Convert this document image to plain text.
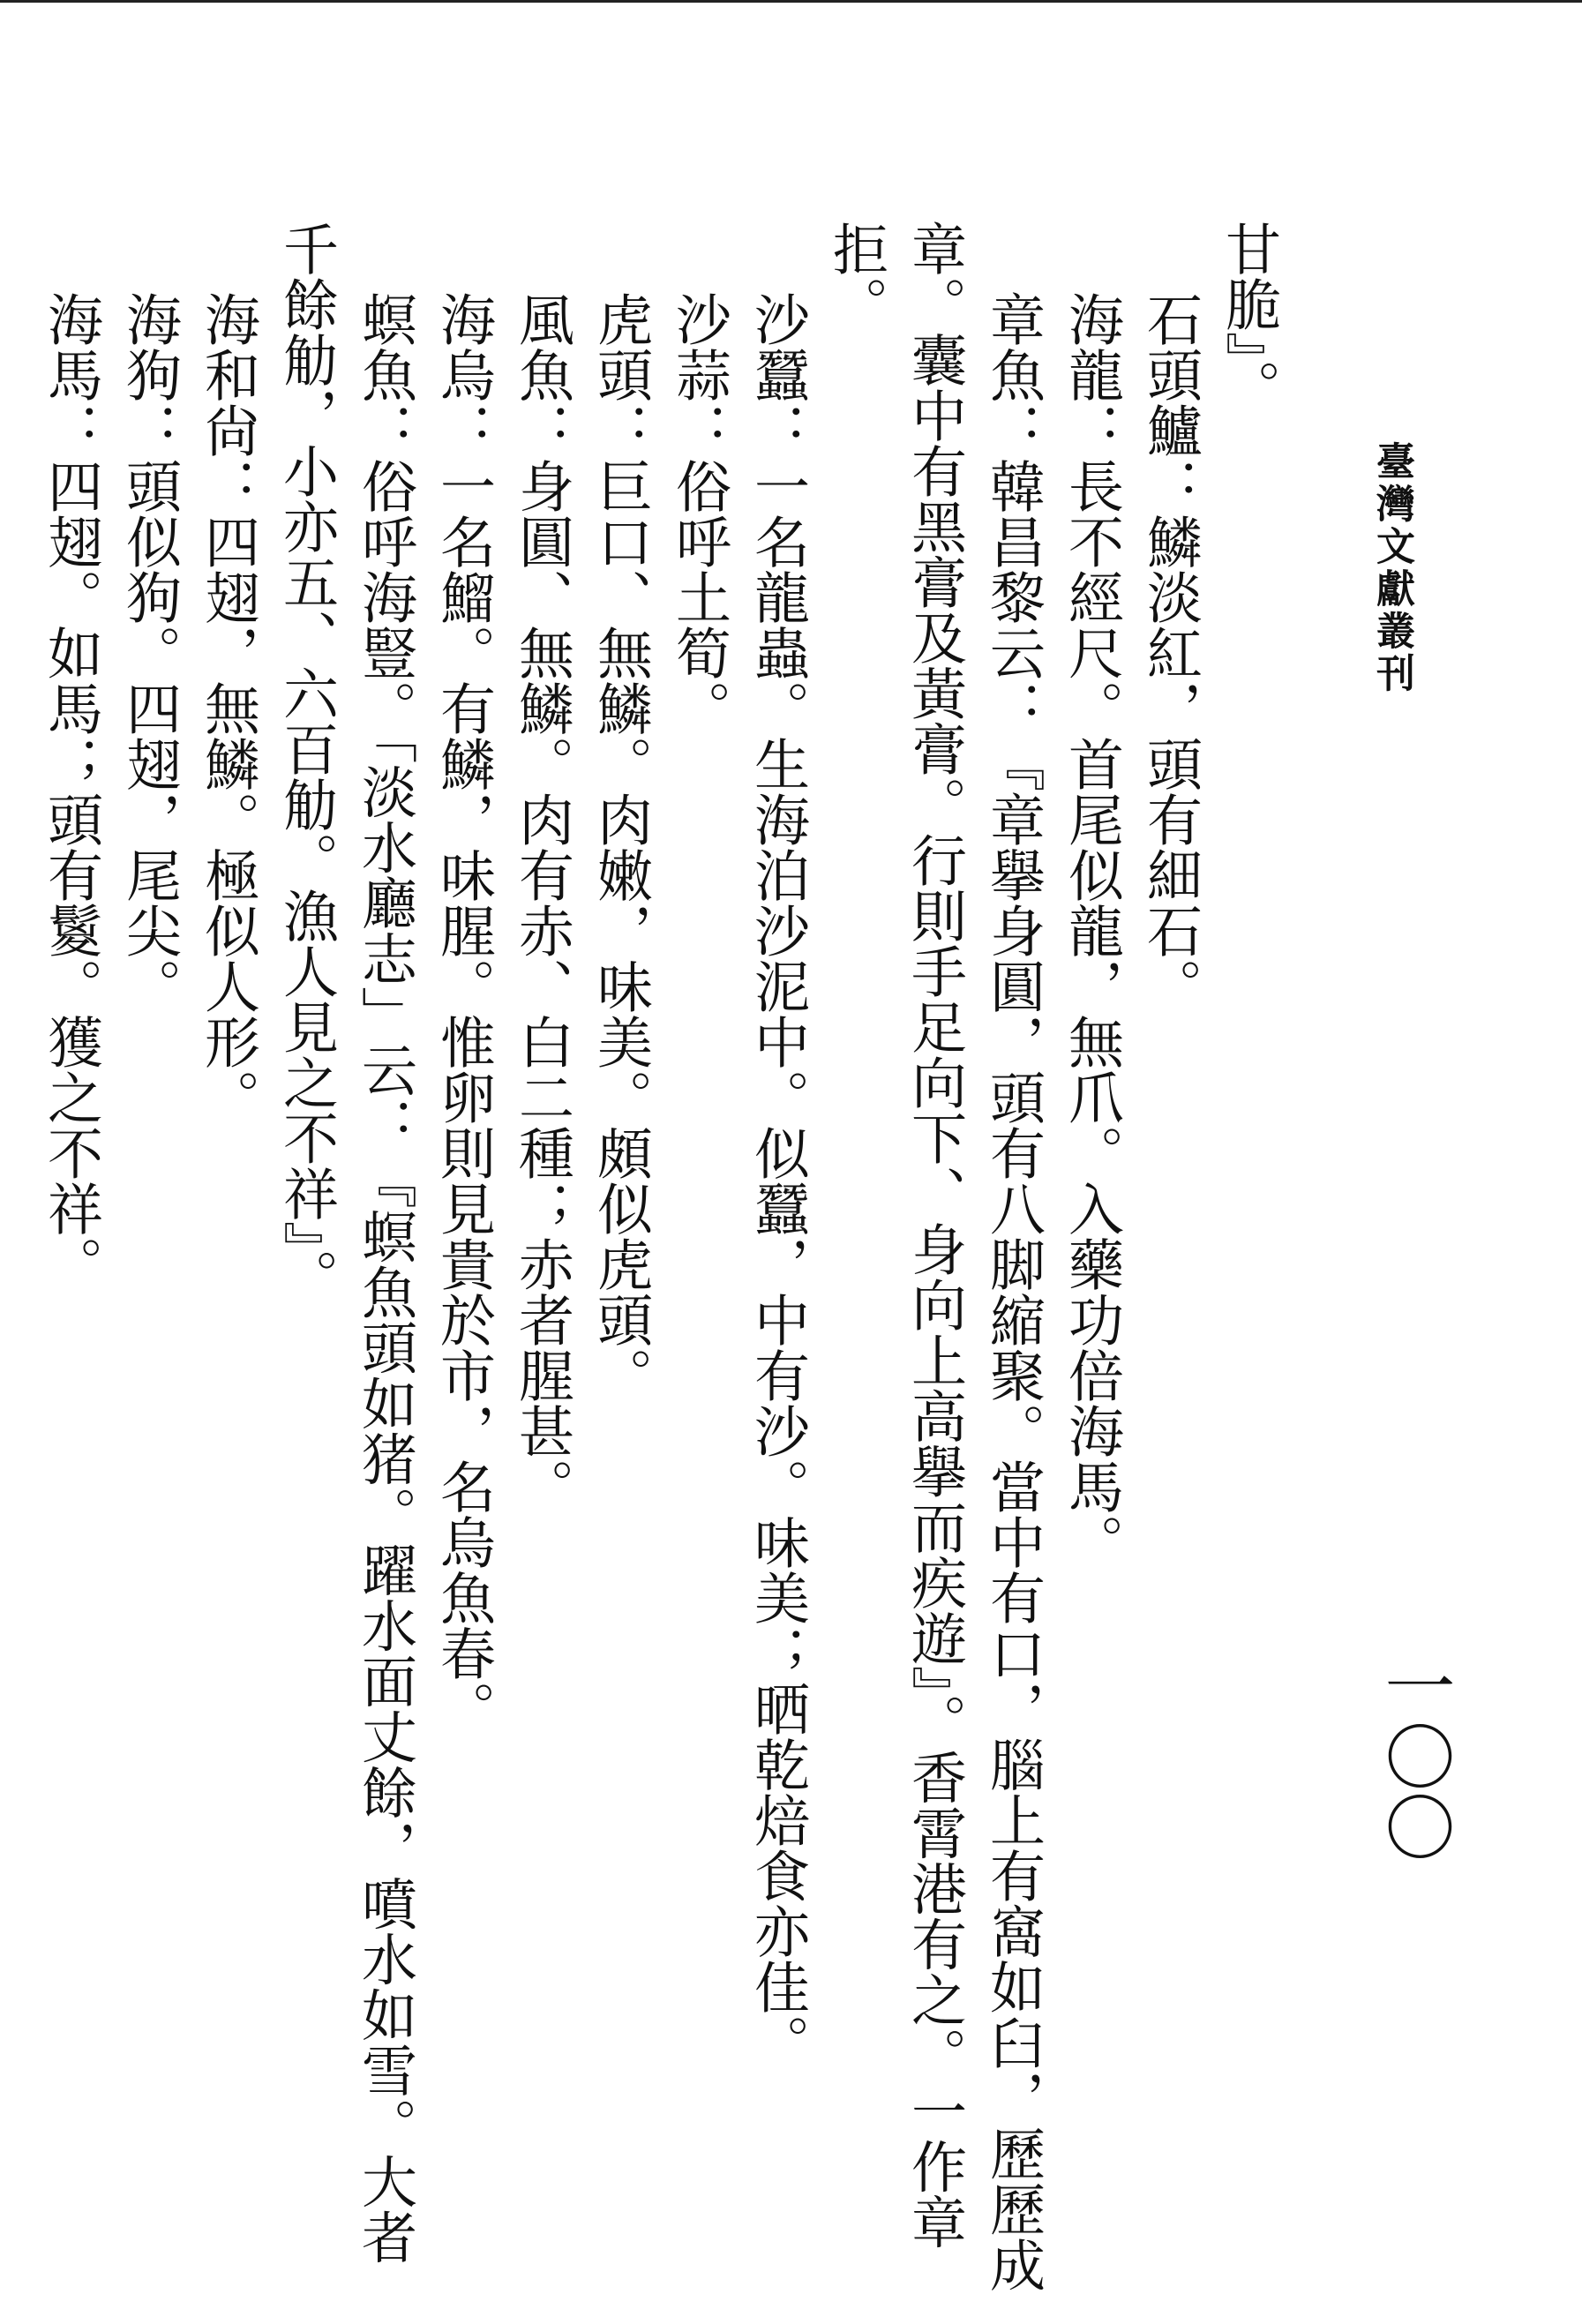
臺灣文獻叢刊
一〇〇
甘脆』。
石頭鱸：鱗淡紅，頭有細石。
海龍：長不經尺。首尾似龍，無爪。入藥功倍海馬。
章魚：韓昌黎云：『章擧身圓，頭有八脚縮聚。當中有口，腦上有窩如臼，歷歷成
章。囊中有黑膏及黃膏。行則手足向下、身向上高擧而疾遊』。香霄港有之。一作章
拒。
沙蠶：一名龍蟲。生海泊沙泥中。似蠶，中有沙。味美；晒乾焙食亦佳。
沙蒜：俗呼土筍。
虎頭：巨口、無鱗。肉嫩，味美。頗似虎頭。
風魚：身圓、無鱗。肉有赤、白二種；赤者腥甚。
海烏：一名鰡。有鱗，味腥。惟卵則見貴於市，名烏魚春。
螟魚：俗呼海豎。「淡水廳志」云：『螟魚頭如猪。躍水面丈餘，噴水如雪。大者
千餘觔，小亦五、六百觔。漁人見之不祥』。
海和尙：四翅，無鱗。極似人形。
海狗：頭似狗。四翅，尾尖。
海馬：四翅。如馬；頭有鬉。獲之不祥。
